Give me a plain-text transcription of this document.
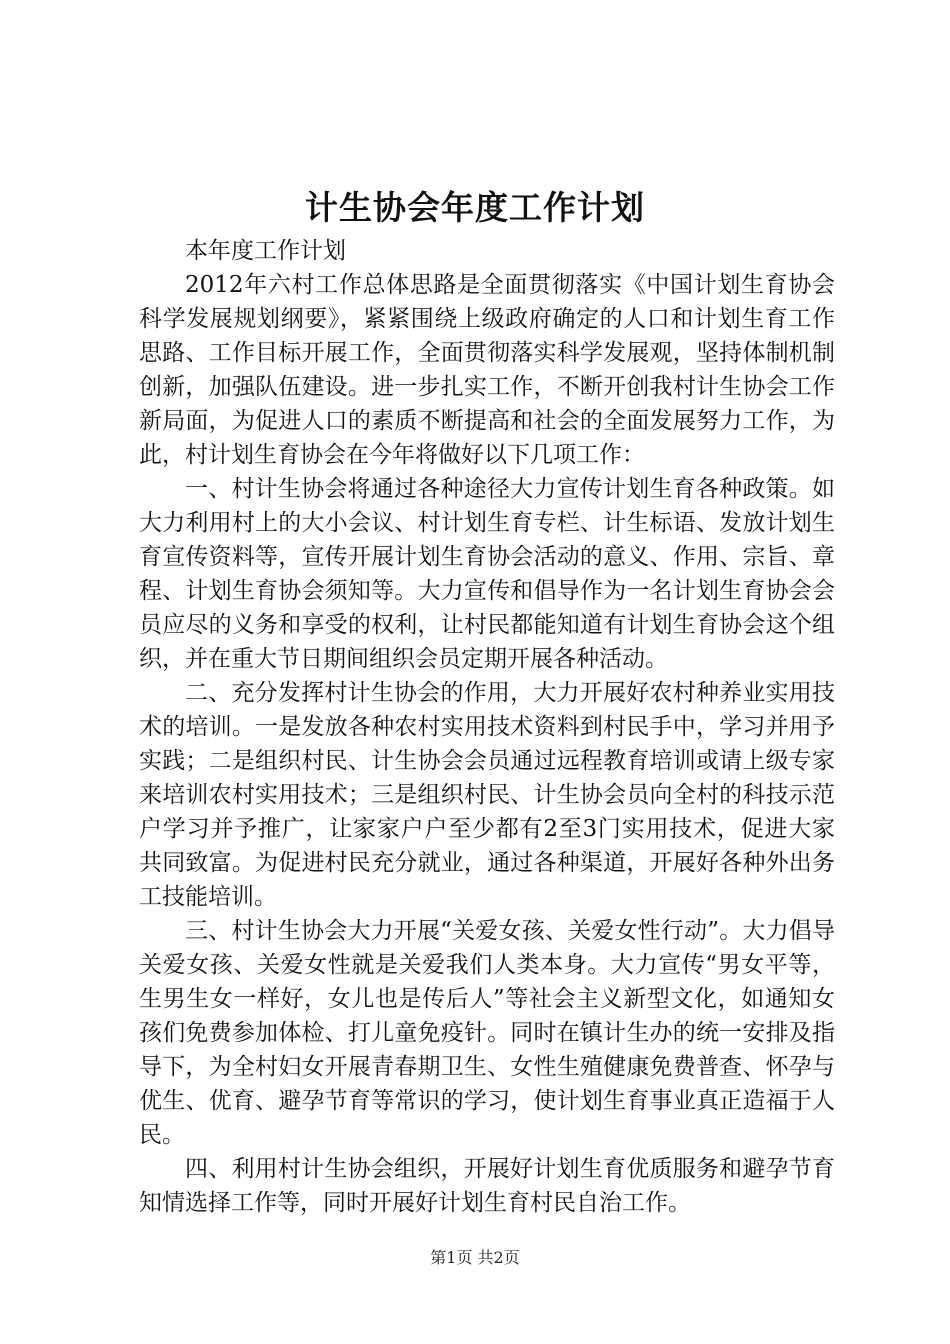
计生协会年度工作计划

本年度工作计划

2012年六村工作总体思路是全面贯彻落实《中国计划生育协会科学发展规划纲要》，紧紧围绕上级政府确定的人口和计划生育工作思路、工作目标开展工作，全面贯彻落实科学发展观，坚持体制机制创新，加强队伍建设。进一步扎实工作，不断开创我村计生协会工作新局面，为促进人口的素质不断提高和社会的全面发展努力工作，为此，村计划生育协会在今年将做好以下几项工作：

一、村计生协会将通过各种途径大力宣传计划生育各种政策。如大力利用村上的大小会议、村计划生育专栏、计生标语、发放计划生育宣传资料等，宣传开展计划生育协会活动的意义、作用、宗旨、章程、计划生育协会须知等。大力宣传和倡导作为一名计划生育协会会员应尽的义务和享受的权利，让村民都能知道有计划生育协会这个组织，并在重大节日期间组织会员定期开展各种活动。

二、充分发挥村计生协会的作用，大力开展好农村种养业实用技术的培训。一是发放各种农村实用技术资料到村民手中，学习并用予实践；二是组织村民、计生协会会员通过远程教育培训或请上级专家来培训农村实用技术；三是组织村民、计生协会员向全村的科技示范户学习并予推广，让家家户户至少都有2至3门实用技术，促进大家共同致富。为促进村民充分就业，通过各种渠道，开展好各种外出务工技能培训。

三、村计生协会大力开展“关爱女孩、关爱女性行动”。大力倡导关爱女孩、关爱女性就是关爱我们人类本身。大力宣传“男女平等，生男生女一样好，女儿也是传后人”等社会主义新型文化，如通知女孩们免费参加体检、打儿童免疫针。同时在镇计生办的统一安排及指导下，为全村妇女开展青春期卫生、女性生殖健康免费普查、怀孕与优生、优育、避孕节育等常识的学习，使计划生育事业真正造福于人民。

四、利用村计生协会组织，开展好计划生育优质服务和避孕节育知情选择工作等，同时开展好计划生育村民自治工作。

第1页 共2页
